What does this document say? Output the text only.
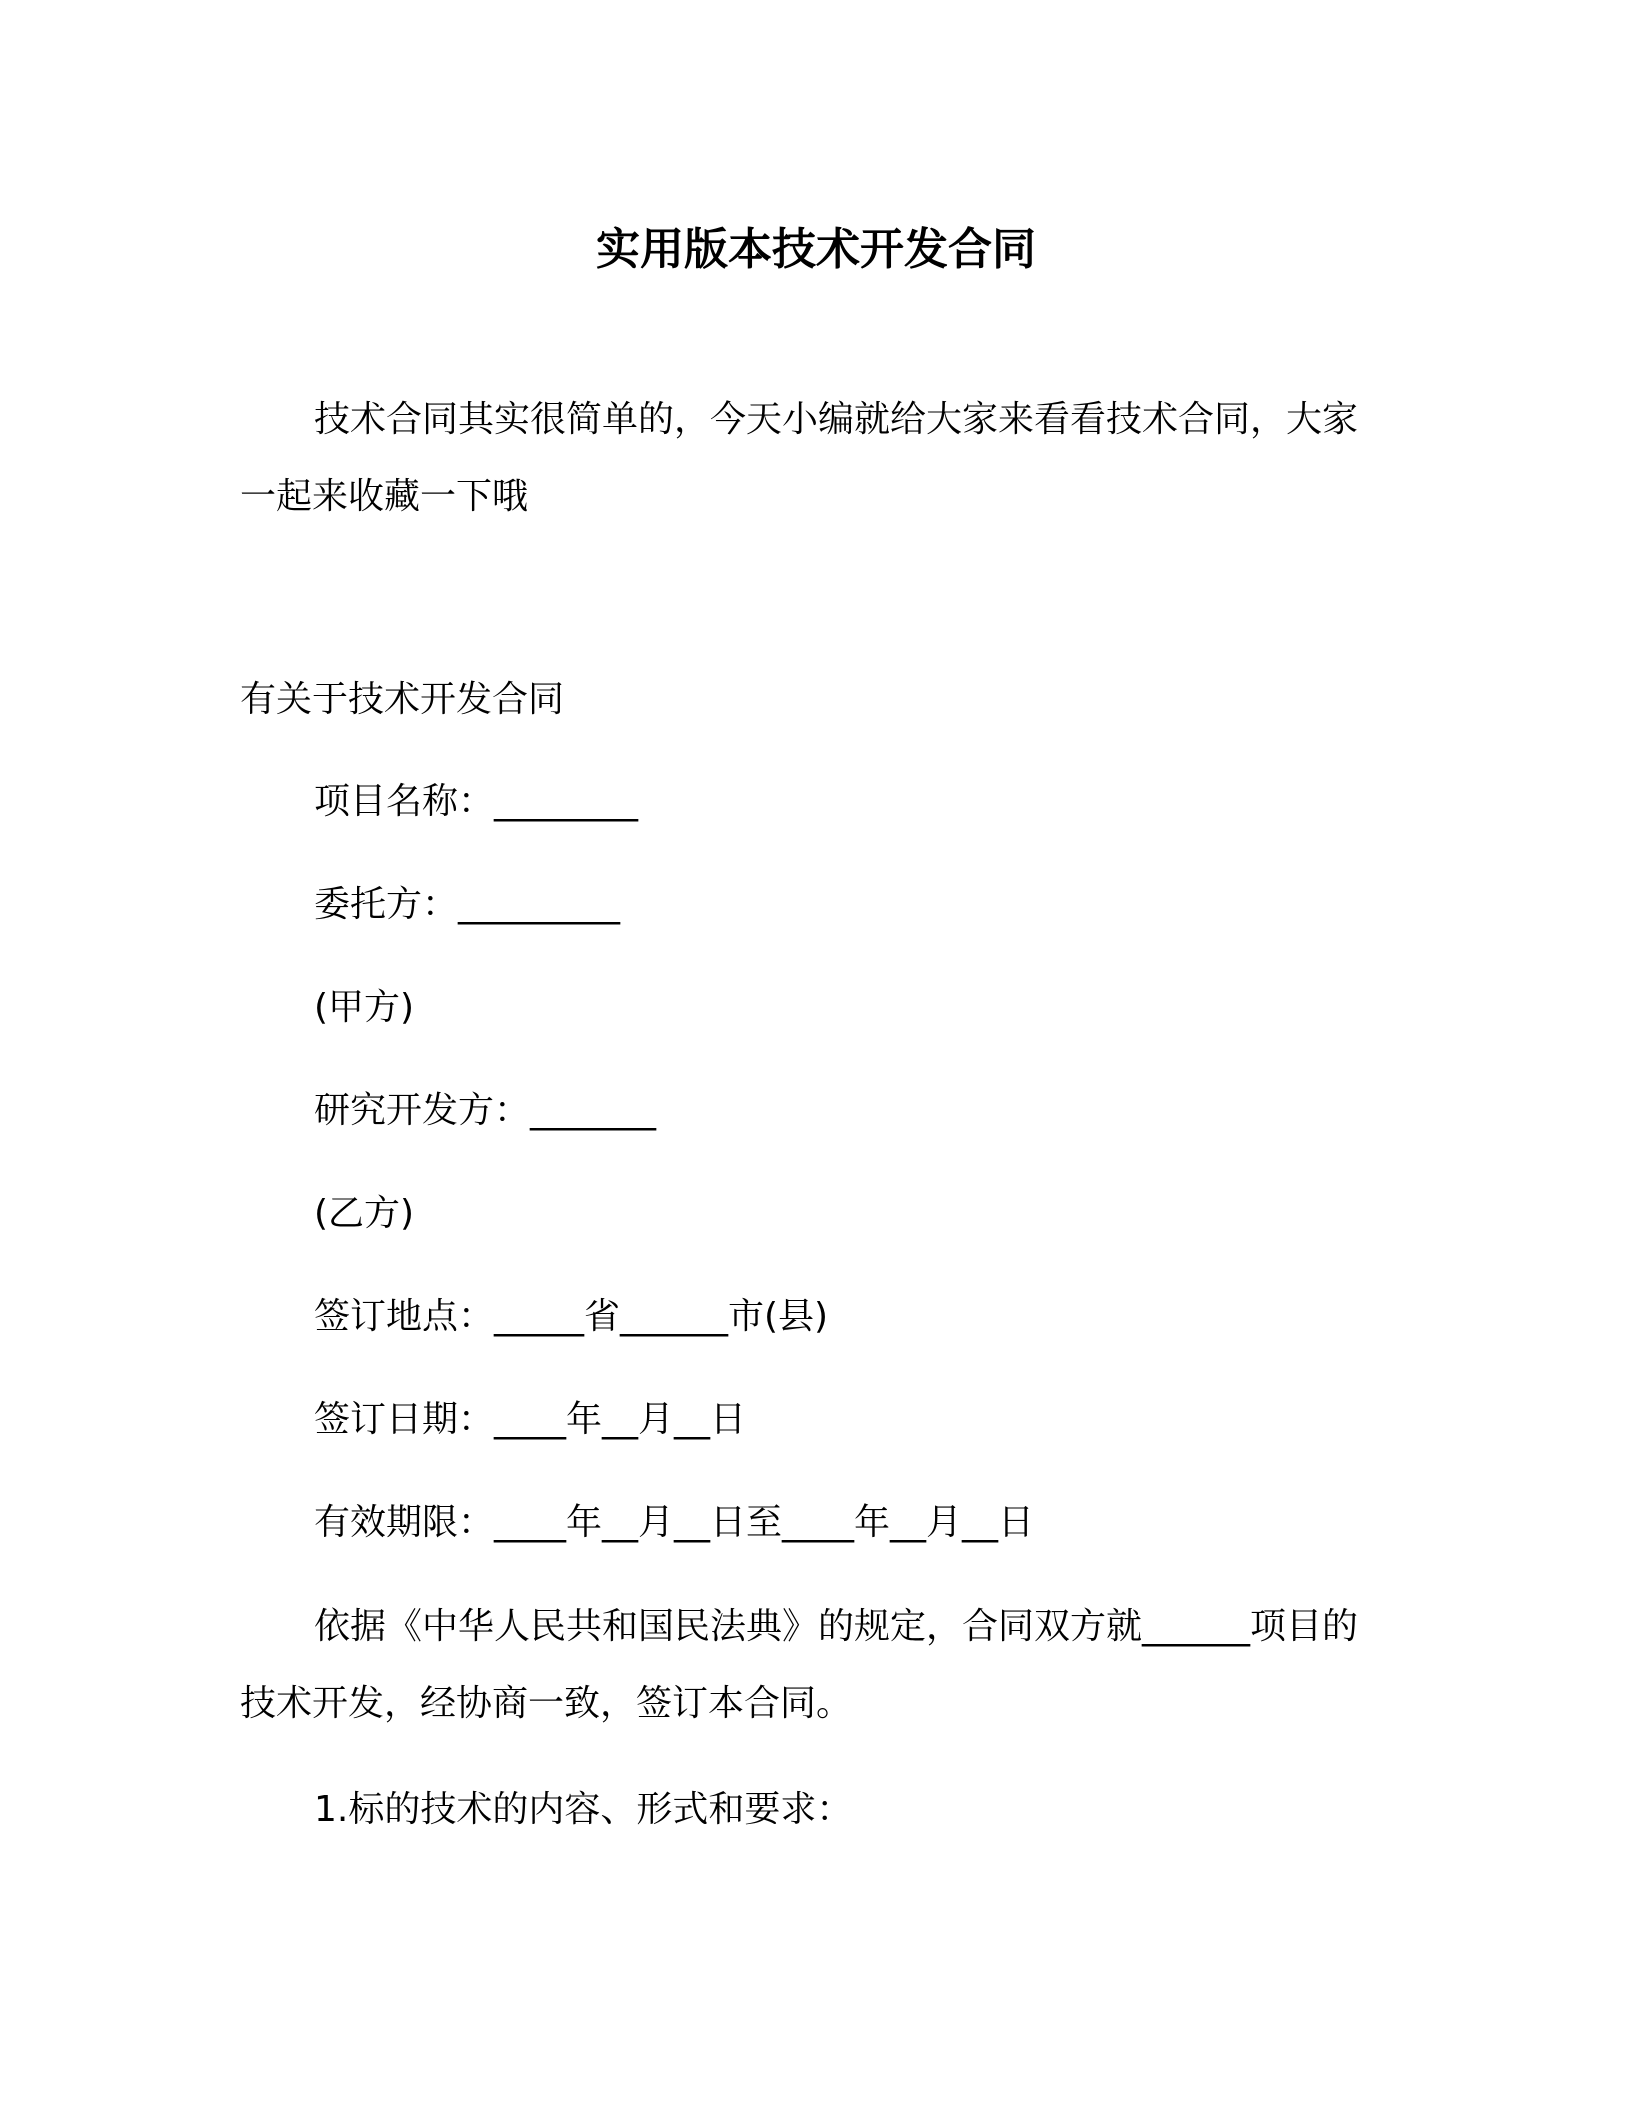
实用版本技术开发合同

技术合同其实很简单的，今天小编就给大家来看看技术合同，大家一起来收藏一下哦

有关于技术开发合同

项目名称：________

委托方：_________

(甲方)

研究开发方：_______

(乙方)

签订地点：_____省______市(县)

签订日期：____年__月__日

有效期限：____年__月__日至____年__月__日

依据《中华人民共和国民法典》的规定，合同双方就______项目的技术开发，经协商一致，签订本合同。

1.标的技术的内容、形式和要求：
